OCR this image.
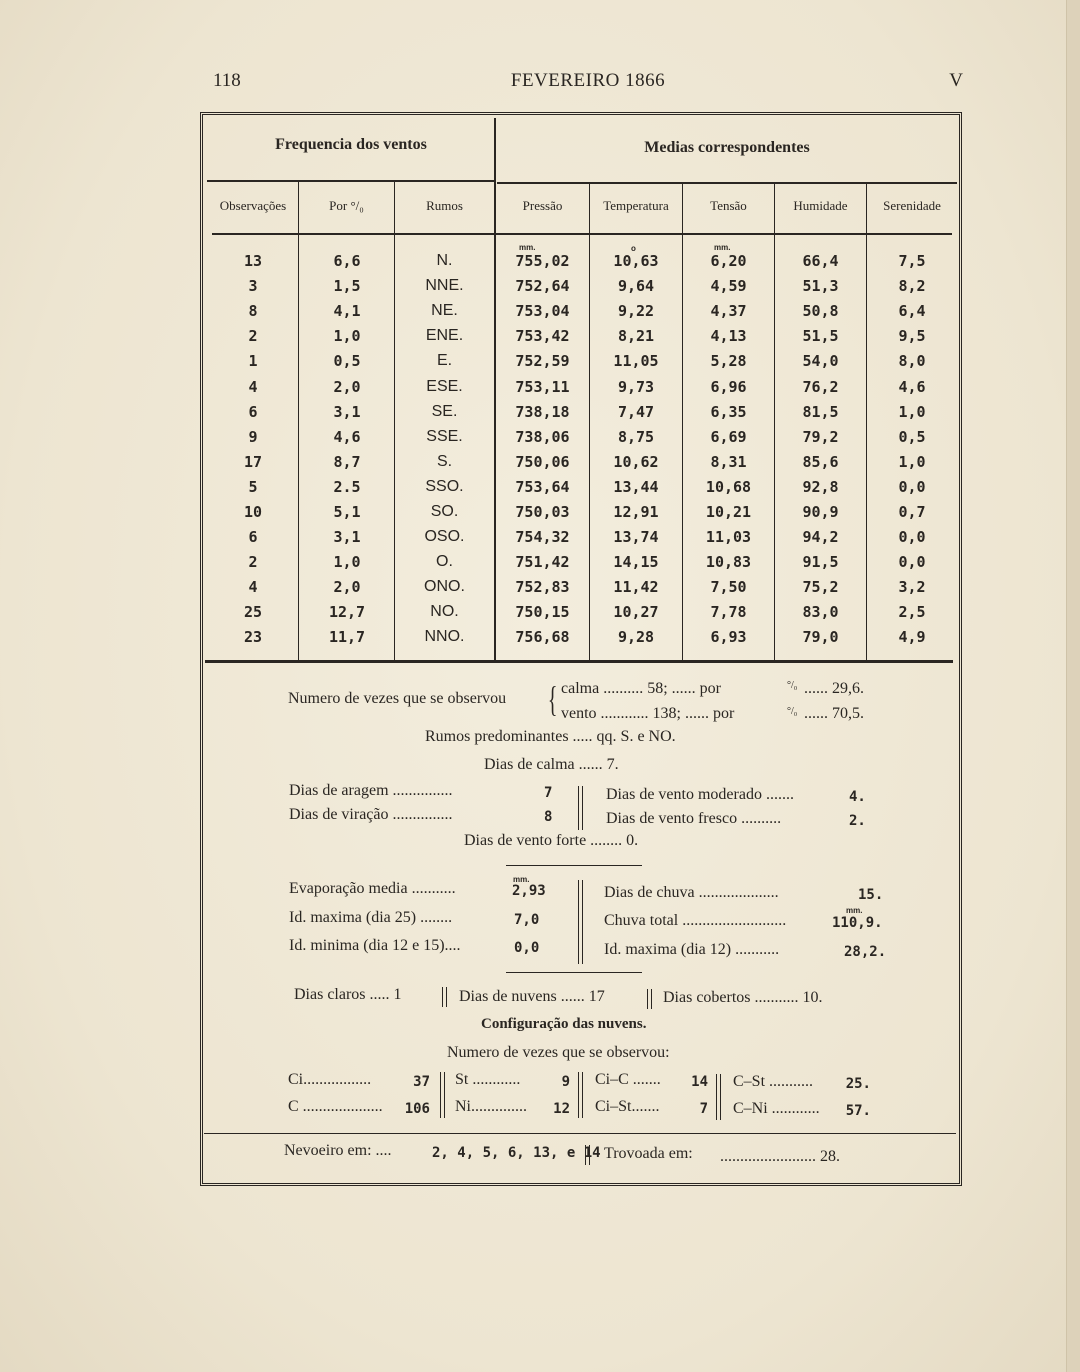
118	FEVEREIRO 1866	V
Frequencia dos ventos	Medias correspondentes
Observações	Por °/₀	Rumos	Pressão	Temperatura	Tensão	Humidade	Serenidade
mm.	o	mm.
13	6,6	N.	755,02	10,63	6,20	66,4	7,5
3	1,5	NNE.	752,64	9,64	4,59	51,3	8,2
8	4,1	NE.	753,04	9,22	4,37	50,8	6,4
2	1,0	ENE.	753,42	8,21	4,13	51,5	9,5
1	0,5	E.	752,59	11,05	5,28	54,0	8,0
4	2,0	ESE.	753,11	9,73	6,96	76,2	4,6
6	3,1	SE.	738,18	7,47	6,35	81,5	1,0
9	4,6	SSE.	738,06	8,75	6,69	79,2	0,5
17	8,7	S.	750,06	10,62	8,31	85,6	1,0
5	2.5	SSO.	753,64	13,44	10,68	92,8	0,0
10	5,1	SO.	750,03	12,91	10,21	90,9	0,7
6	3,1	OSO.	754,32	13,74	11,03	94,2	0,0
2	1,0	O.	751,42	14,15	10,83	91,5	0,0
4	2,0	ONO.	752,83	11,42	7,50	75,2	3,2
25	12,7	NO.	750,15	10,27	7,78	83,0	2,5
23	11,7	NNO.	756,68	9,28	6,93	79,0	4,9
Numero de vezes que se observou { calma .......... 58; ...... por	°/₀ ...... 29,6.
vento ............ 138; ...... por	°/₀ ...... 70,5.
Rumos predominantes ..... qq. S. e NO.
Dias de calma ...... 7.
Dias de aragem ...............	7
Dias de viração ...............	8
Dias de vento moderado .......	4.
Dias de vento fresco ..........	2.
Dias de vento forte ........ 0.
mm.
Evaporação media ...........	2,93
Id. maxima (dia 25) ........	7,0
Id. minima (dia 12 e 15)....	0,0
Dias de chuva ....................	15.
mm.
Chuva total ..........................	110,9.
Id. maxima (dia 12) ...........	28,2.
Dias claros ..... 1	Dias de nuvens ...... 17	Dias cobertos ........... 10.
Configuração das nuvens.
Numero de vezes que se observou:
Ci.................	37 St ............	9 Ci–C .......	14 C–St ...........	25.
C ....................	106 Ni..............	12 Ci–St.......	7 C–Ni ............	57.
Nevoeiro em: ....	2, 4, 5, 6, 13, e 14 Trovoada em: ........................ 28.
